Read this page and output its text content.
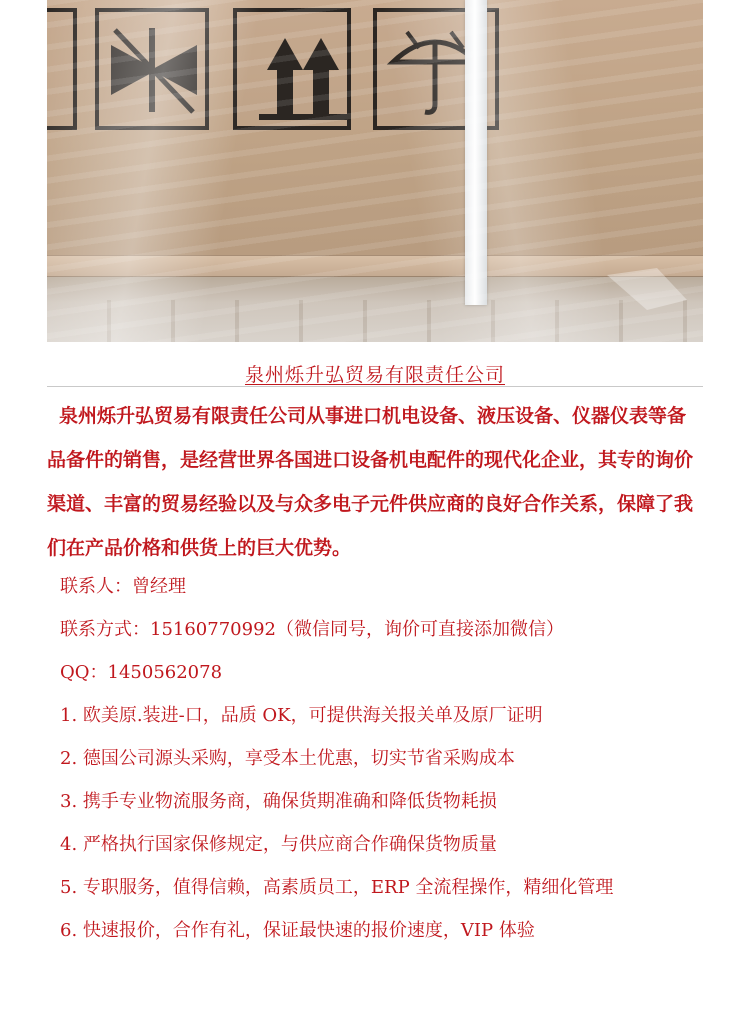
泉州烁升弘贸易有限责任公司

泉州烁升弘贸易有限责任公司从事进口机电设备、液压设备、仪器仪表等备品备件的销售，是经营世界各国进口设备机电配件的现代化企业，其专的询价渠道、丰富的贸易经验以及与众多电子元件供应商的良好合作关系，保障了我们在产品价格和供货上的巨大优势。

联系人：曾经理
联系方式：15160770992（微信同号，询价可直接添加微信）
QQ：1450562078
1. 欧美原.装进-口，品质 OK，可提供海关报关单及原厂证明
2. 德国公司源头采购，享受本土优惠，切实节省采购成本
3. 携手专业物流服务商，确保货期准确和降低货物耗损
4. 严格执行国家保修规定，与供应商合作确保货物质量
5. 专职服务，值得信赖，高素质员工，ERP 全流程操作，精细化管理
6. 快速报价，合作有礼，保证最快速的报价速度，VIP 体验
